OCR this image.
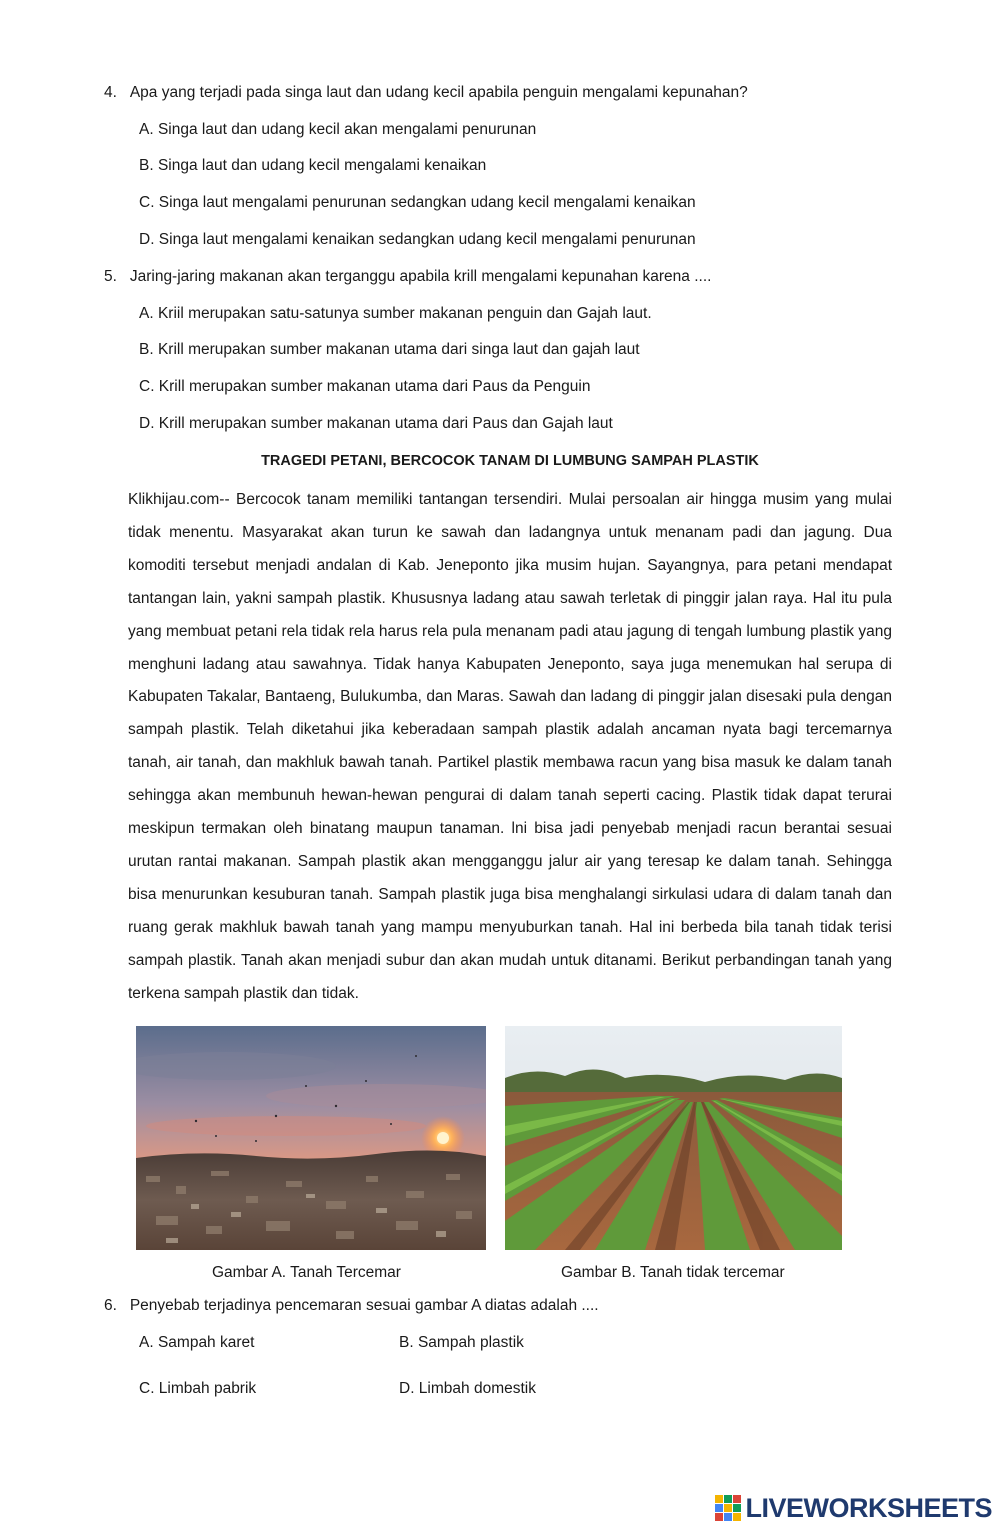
4.   Apa yang terjadi pada singa laut dan udang kecil apabila penguin mengalami kepunahan?
A. Singa laut dan udang kecil akan mengalami penurunan
B. Singa laut dan udang kecil mengalami kenaikan
C. Singa laut mengalami penurunan sedangkan udang kecil mengalami kenaikan
D. Singa laut mengalami kenaikan sedangkan udang kecil mengalami penurunan
5.   Jaring-jaring makanan akan terganggu apabila krill mengalami kepunahan karena ....
A. Kriil merupakan satu-satunya sumber makanan penguin dan Gajah laut.
B. Krill merupakan sumber makanan utama dari singa laut dan gajah laut
C. Krill merupakan sumber makanan utama dari Paus da Penguin
D. Krill merupakan sumber makanan utama dari Paus dan Gajah laut
TRAGEDI PETANI, BERCOCOK TANAM DI LUMBUNG SAMPAH PLASTIK
Klikhijau.com-- Bercocok tanam memiliki tantangan tersendiri. Mulai persoalan air hingga musim yang mulai tidak menentu. Masyarakat akan turun ke sawah dan ladangnya untuk menanam padi dan jagung. Dua komoditi tersebut menjadi andalan di Kab. Jeneponto jika musim hujan. Sayangnya, para petani mendapat tantangan lain, yakni sampah plastik. Khususnya ladang atau sawah terletak di pinggir jalan raya. Hal itu pula yang membuat petani rela tidak rela harus rela pula menanam padi atau jagung di tengah lumbung plastik yang menghuni ladang atau sawahnya. Tidak hanya Kabupaten Jeneponto, saya juga menemukan hal serupa di Kabupaten Takalar, Bantaeng, Bulukumba, dan Maras. Sawah dan ladang di pinggir jalan disesaki pula dengan sampah plastik. Telah diketahui jika keberadaan sampah plastik adalah ancaman nyata bagi tercemarnya tanah, air tanah, dan makhluk bawah tanah. Partikel plastik membawa racun yang bisa masuk ke dalam tanah sehingga akan membunuh hewan-hewan pengurai di dalam tanah seperti cacing. Plastik tidak dapat terurai meskipun termakan oleh binatang maupun tanaman. lni bisa jadi penyebab menjadi racun berantai sesuai urutan rantai makanan. Sampah plastik akan mengganggu jalur air yang teresap ke dalam tanah. Sehingga bisa menurunkan kesuburan tanah. Sampah plastik juga bisa menghalangi sirkulasi udara di dalam tanah dan ruang gerak makhluk bawah tanah yang mampu menyuburkan tanah. Hal ini berbeda bila tanah tidak terisi sampah plastik. Tanah akan menjadi subur dan akan mudah untuk ditanami. Berikut perbandingan tanah yang terkena sampah plastik dan tidak.
Gambar A. Tanah Tercemar	Gambar B. Tanah tidak tercemar
6.   Penyebab terjadinya pencemaran sesuai gambar A diatas adalah ....
A. Sampah karet	B. Sampah plastik
C. Limbah pabrik	D. Limbah domestik
LIVEWORKSHEETS
